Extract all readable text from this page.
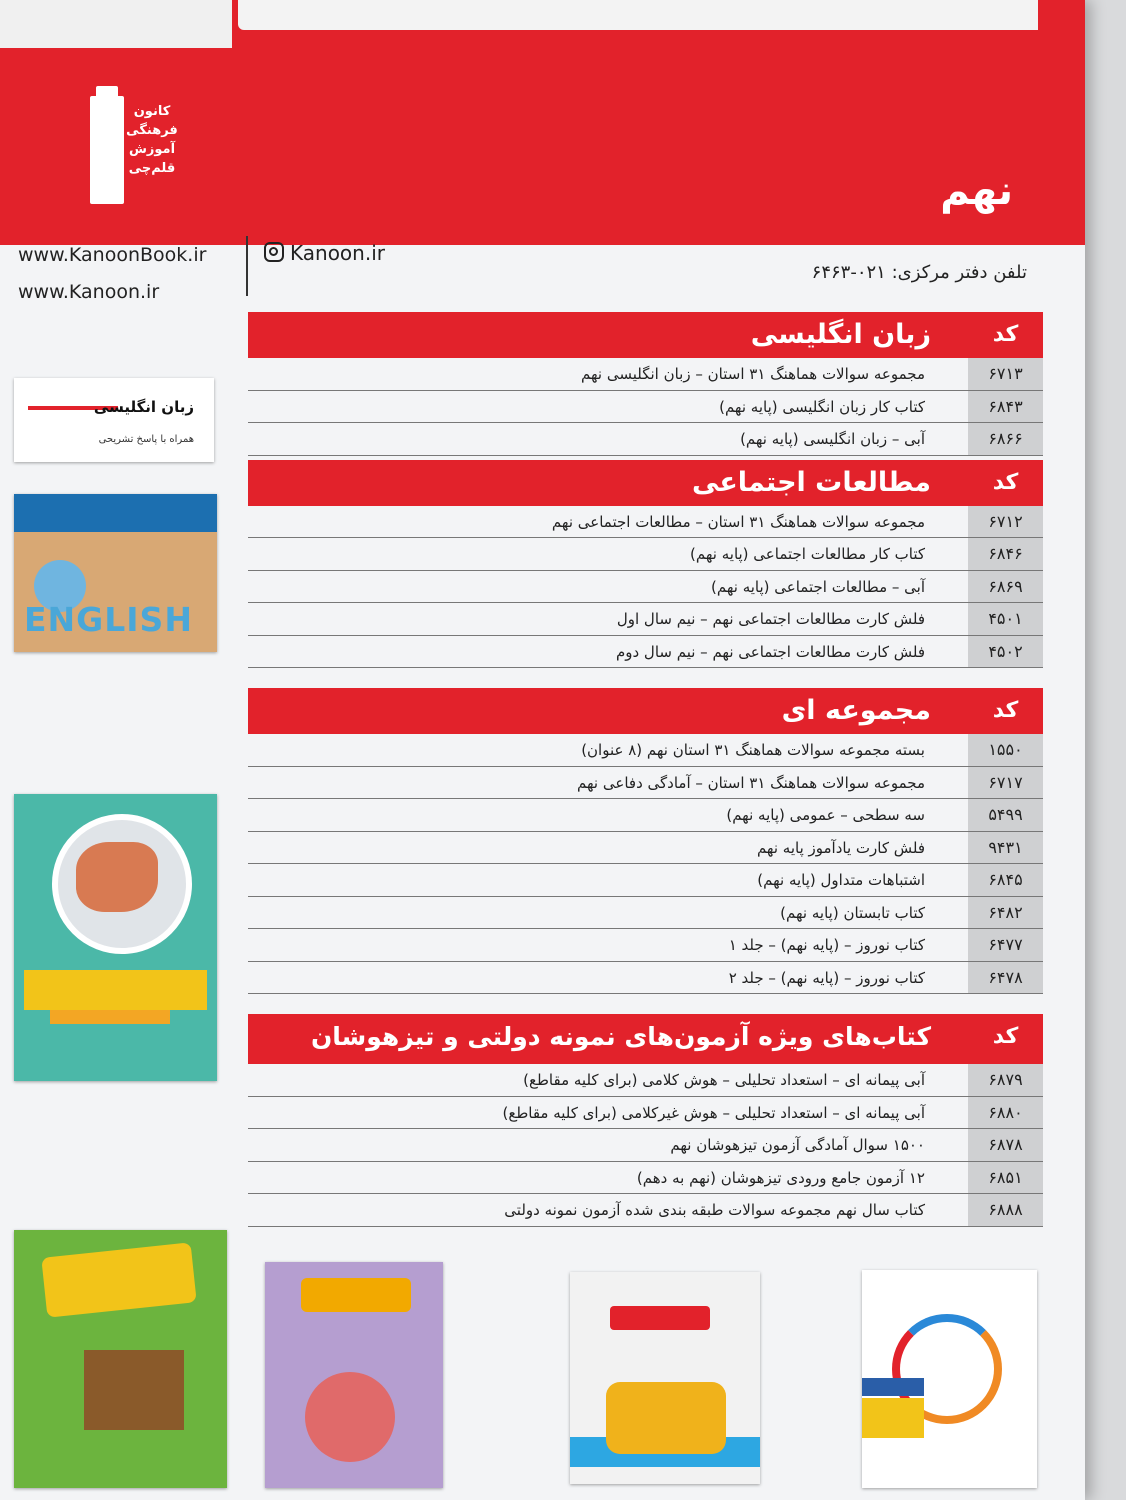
کانون
فرهنگی
آموزش
قلم‌چی	نهم
www.KanoonBook.ir
www.Kanoon.ir
Kanoon.ir
تلفن دفتر مرکزی: ۰۲۱-۶۴۶۳
کد
زبان انگلیسی
۶۷۱۳
مجموعه سوالات هماهنگ ۳۱ استان – زبان انگلیسی نهم
۶۸۴۳
کتاب کار زبان انگلیسی (پایه نهم)
۶۸۶۶
آبی – زبان انگلیسی (پایه نهم)
کد
مطالعات اجتماعی
۶۷۱۲
مجموعه سوالات هماهنگ ۳۱ استان – مطالعات اجتماعی نهم
۶۸۴۶
کتاب کار مطالعات اجتماعی (پایه نهم)
۶۸۶۹
آبی – مطالعات اجتماعی (پایه نهم)
۴۵۰۱
فلش کارت مطالعات اجتماعی نهم – نیم سال اول
۴۵۰۲
فلش کارت مطالعات اجتماعی نهم – نیم سال دوم
کد
مجموعه ای
۱۵۵۰
بسته مجموعه سوالات هماهنگ ۳۱ استان نهم (۸ عنوان)
۶۷۱۷
مجموعه سوالات هماهنگ ۳۱ استان – آمادگی دفاعی نهم
۵۴۹۹
سه سطحی – عمومی (پایه نهم)
۹۴۳۱
فلش کارت یادآموز پایه نهم
۶۸۴۵
اشتباهات متداول (پایه نهم)
۶۴۸۲
کتاب تابستان (پایه نهم)
۶۴۷۷
کتاب نوروز – (پایه نهم) – جلد ۱
۶۴۷۸
کتاب نوروز – (پایه نهم) – جلد ۲
کد
کتاب‌های ویژه آزمون‌های نمونه دولتی و تیزهوشان
۶۸۷۹
آبی پیمانه ای – استعداد تحلیلی – هوش کلامی (برای کلیه مقاطع)
۶۸۸۰
آبی پیمانه ای – استعداد تحلیلی – هوش غیرکلامی (برای کلیه مقاطع)
۶۸۷۸
۱۵۰۰ سوال آمادگی آزمون تیزهوشان نهم
۶۸۵۱
۱۲ آزمون جامع ورودی تیزهوشان (نهم به دهم)
۶۸۸۸
کتاب سال نهم مجموعه سوالات طبقه بندی شده آزمون نمونه دولتی
زبان انگلیسی
همراه با پاسخ تشریحی
ENGLISH
